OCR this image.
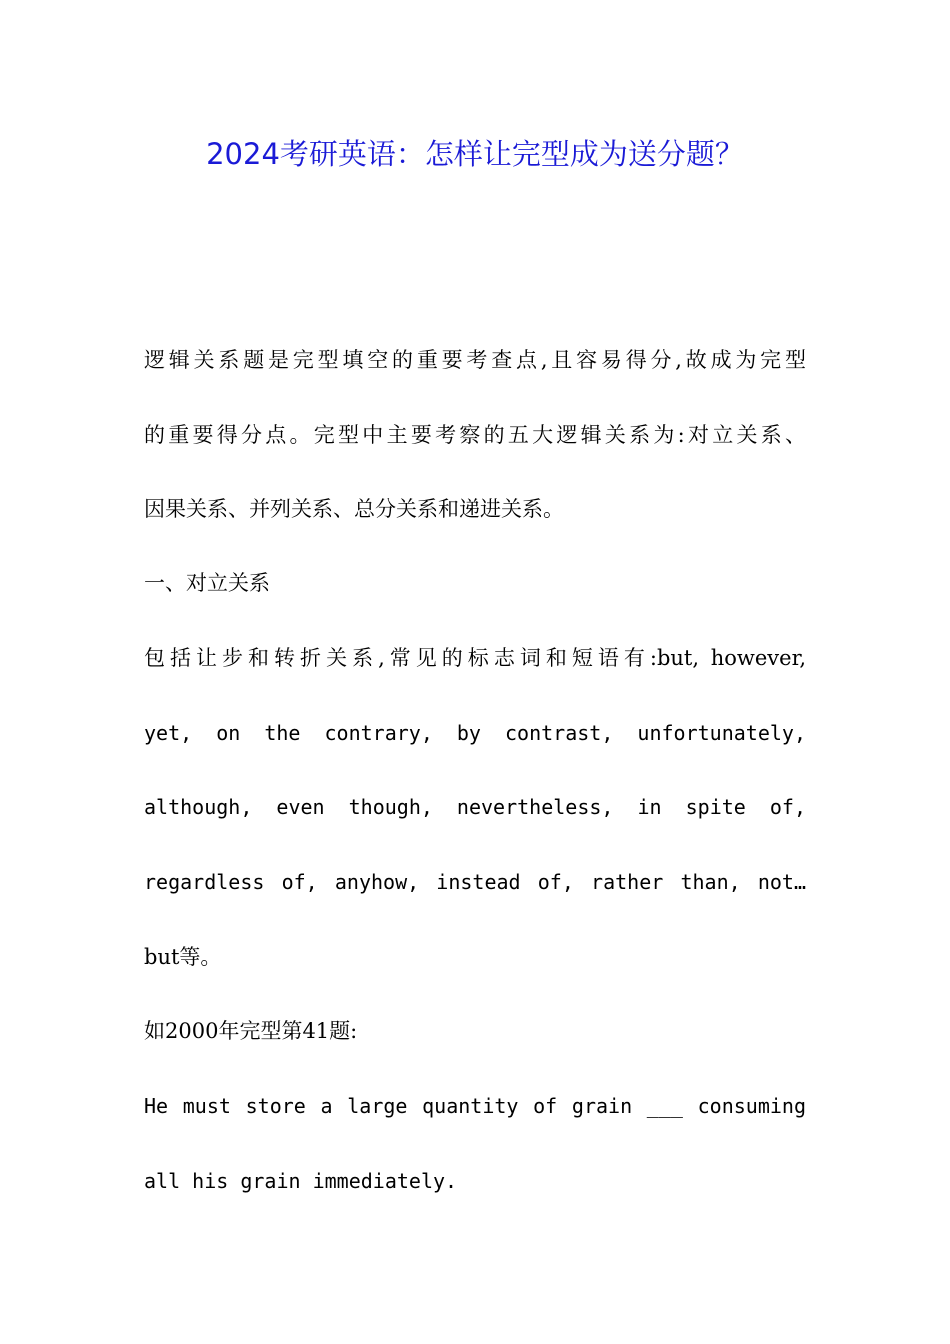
2024考研英语：怎样让完型成为送分题？
逻辑关系题是完型填空的重要考查点,且容易得分,故成为完型
的重要得分点。完型中主要考察的五大逻辑关系为:对立关系、
因果关系、并列关系、总分关系和递进关系。
一、对立关系
包括让步和转折关系,常见的标志词和短语有:but, however,
yet, on the contrary, by contrast, unfortunately,
although, even though, nevertheless, in spite of,
regardless of, anyhow, instead of, rather than, not…
but等。
如2000年完型第41题:
He must store a large quantity of grain ___ consuming
all his grain immediately.
